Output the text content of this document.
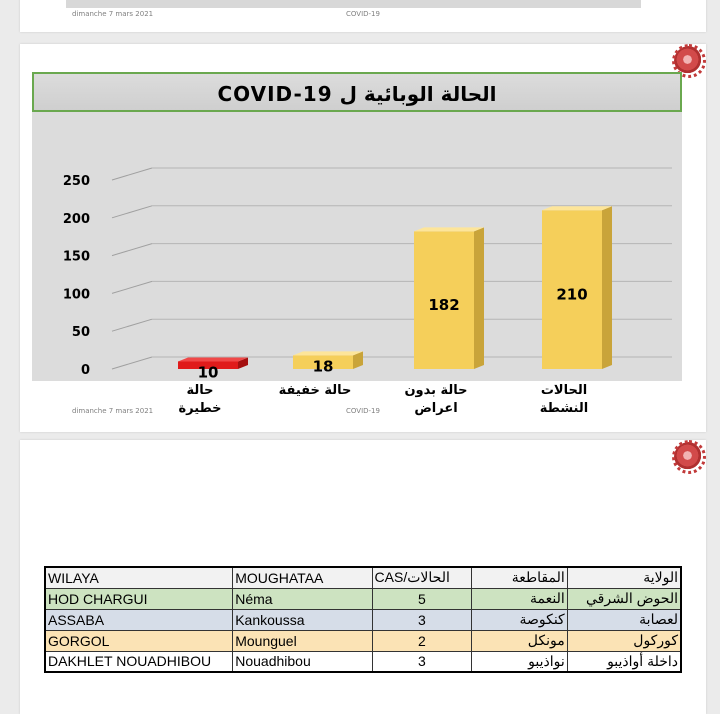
dimanche 7 mars 2021	COVID-19
الحالة الوبائية ل COVID-19
0
50
100
150
200
250
10
حالة
خطيرة
18
حالة خفيفة
182
حالة بدون
اعراض
210
الحالات
النشطة
dimanche 7 mars 2021	COVID-19
WILAYA	MOUGHATAA	CAS/الحالات	المقاطعة	الولاية
HOD CHARGUI	Néma	5	النعمة	الحوض الشرقي
ASSABA	Kankoussa	3	كنكوصة	لعصابة
GORGOL	Mounguel	2	مونكل	كوركول
DAKHLET NOUADHIBOU	Nouadhibou	3	نواذيبو	داخلة أواذيبو
